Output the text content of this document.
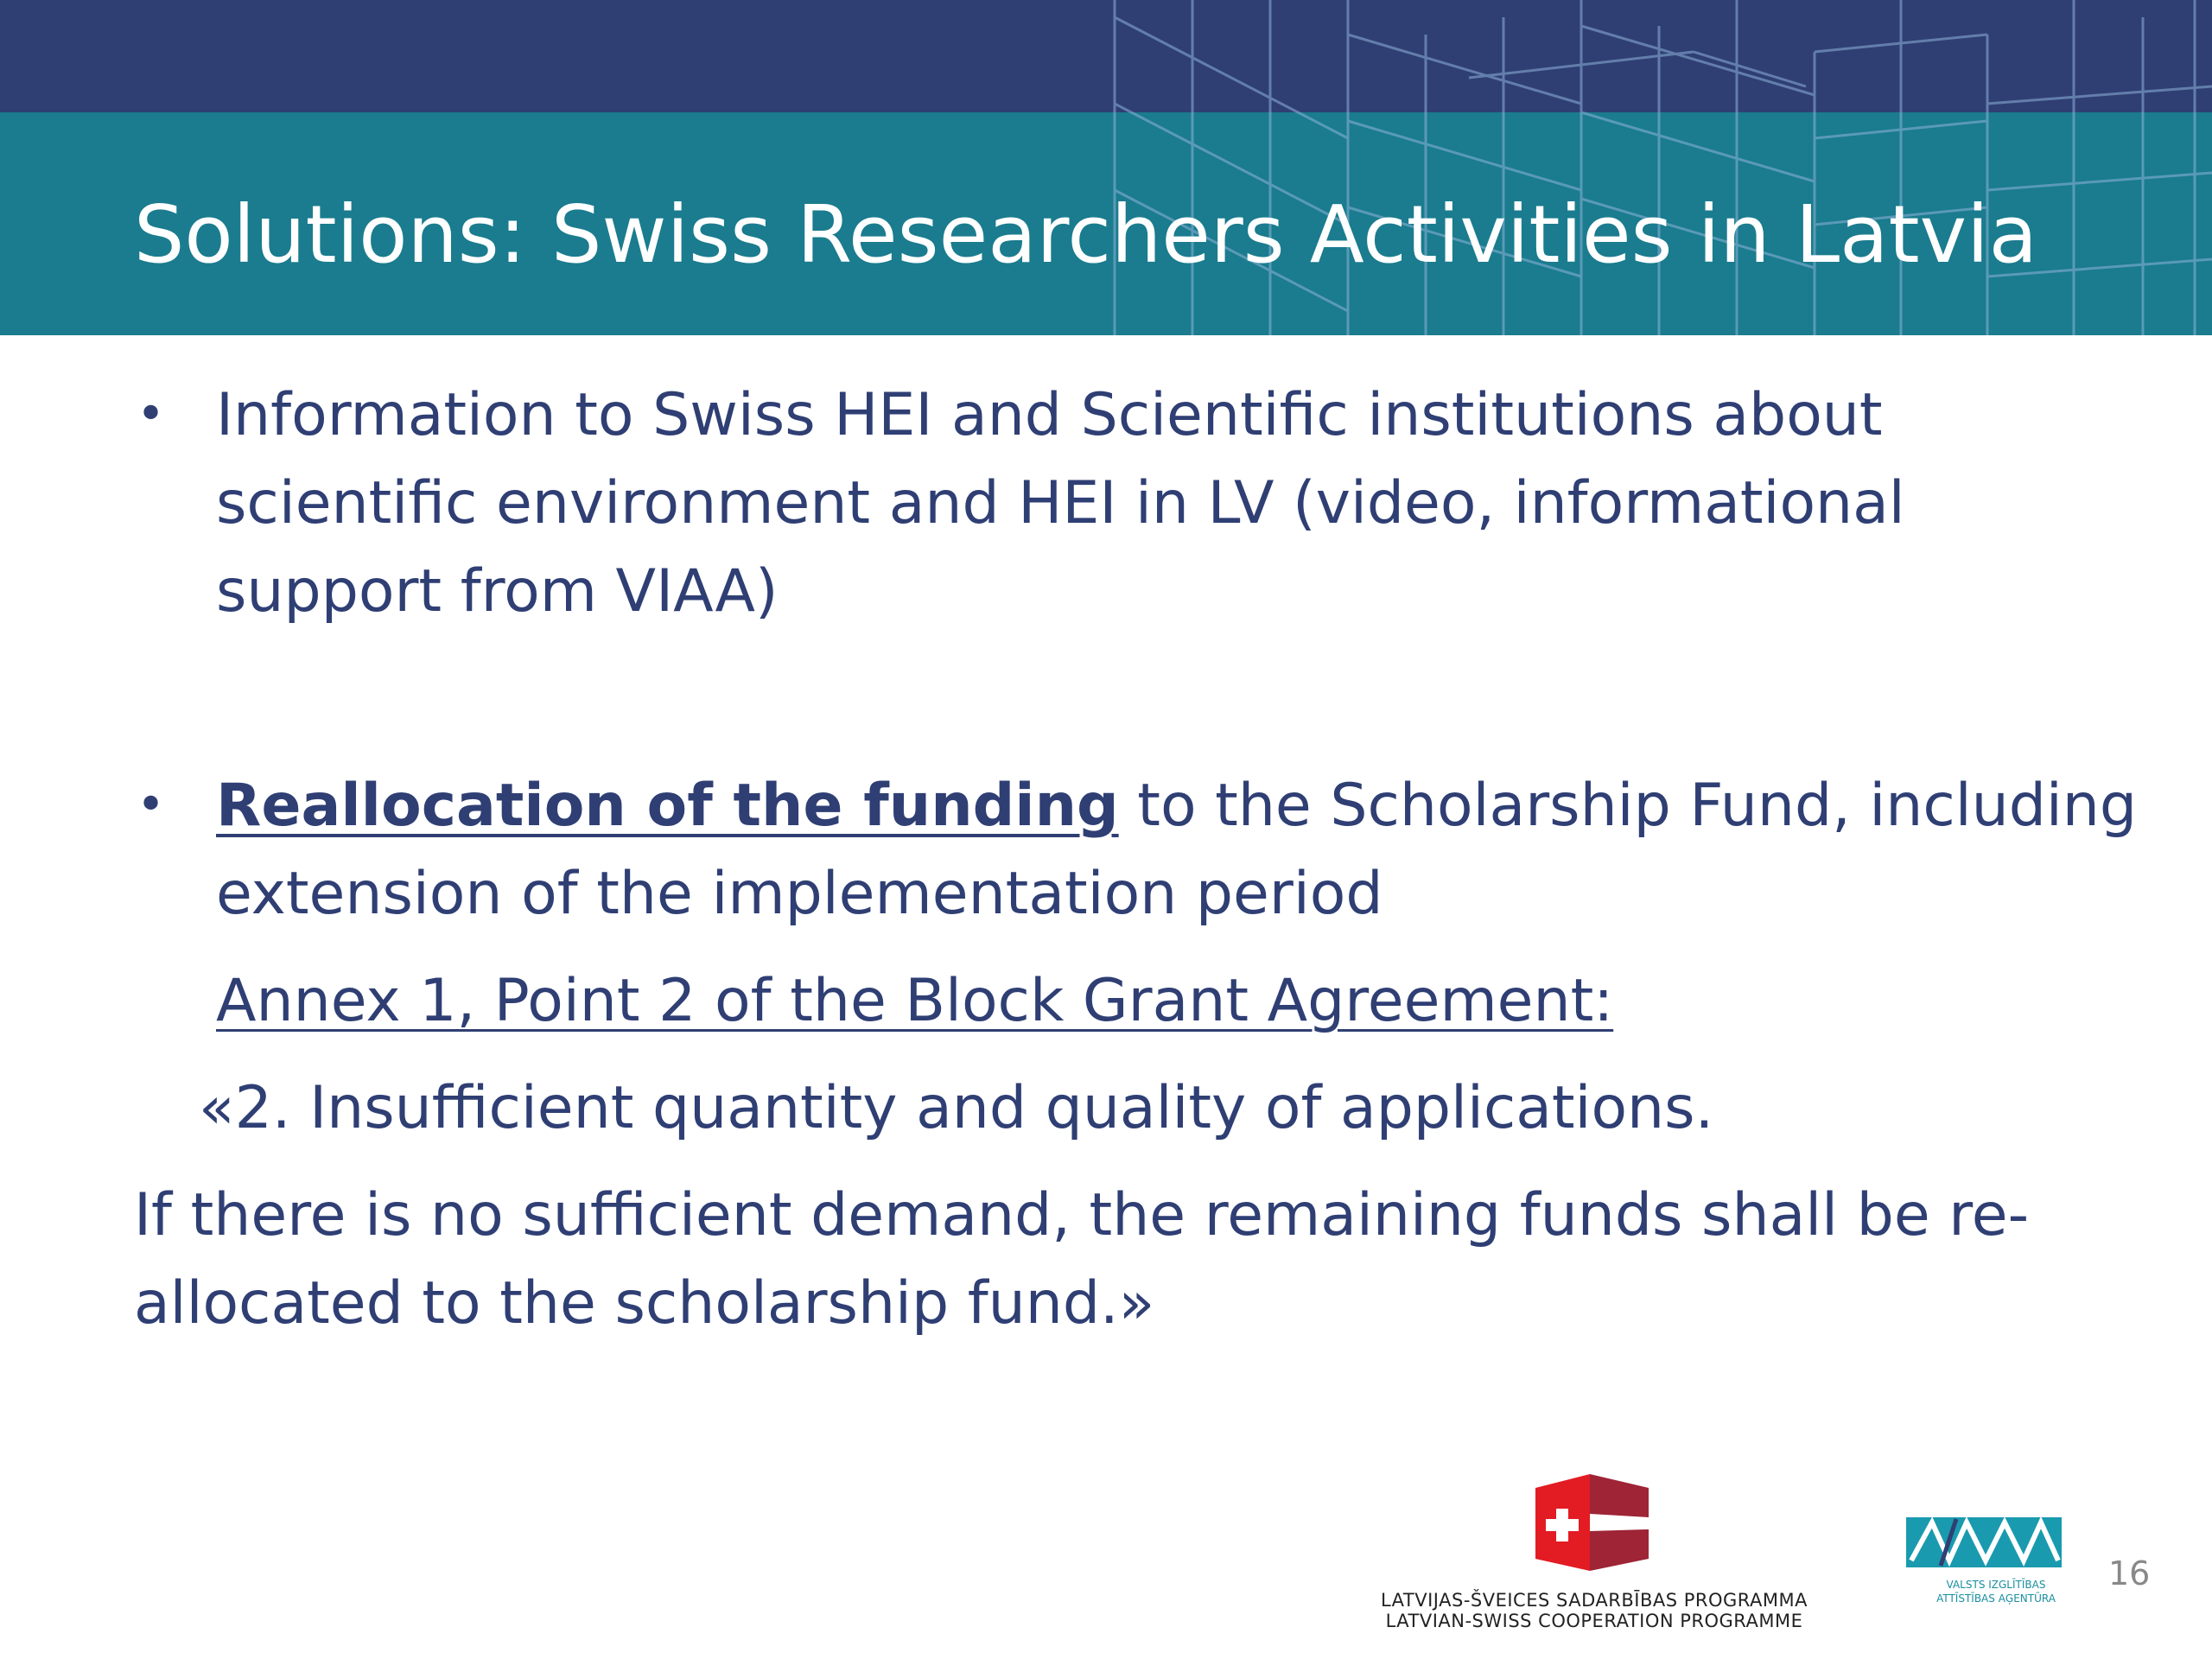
Solutions: Swiss Researchers Activities in Latvia
• Information to Swiss HEI and Scientific institutions about
scientific environment and HEI in LV (video, informational
support from VIAA)
• Reallocation of the funding to the Scholarship Fund, including
extension of the implementation period
Annex 1, Point 2 of the Block Grant Agreement:
«2. Insufficient quantity and quality of applications.
If there is no sufficient demand, the remaining funds shall be re-
allocated to the scholarship fund.»
LATVIJAS-ŠVEICES SADARBĪBAS PROGRAMMA
LATVIAN-SWISS COOPERATION PROGRAMME
VALSTS IZGLĪTĪBAS
ATTĪSTĪBAS AĢENTŪRA
16
